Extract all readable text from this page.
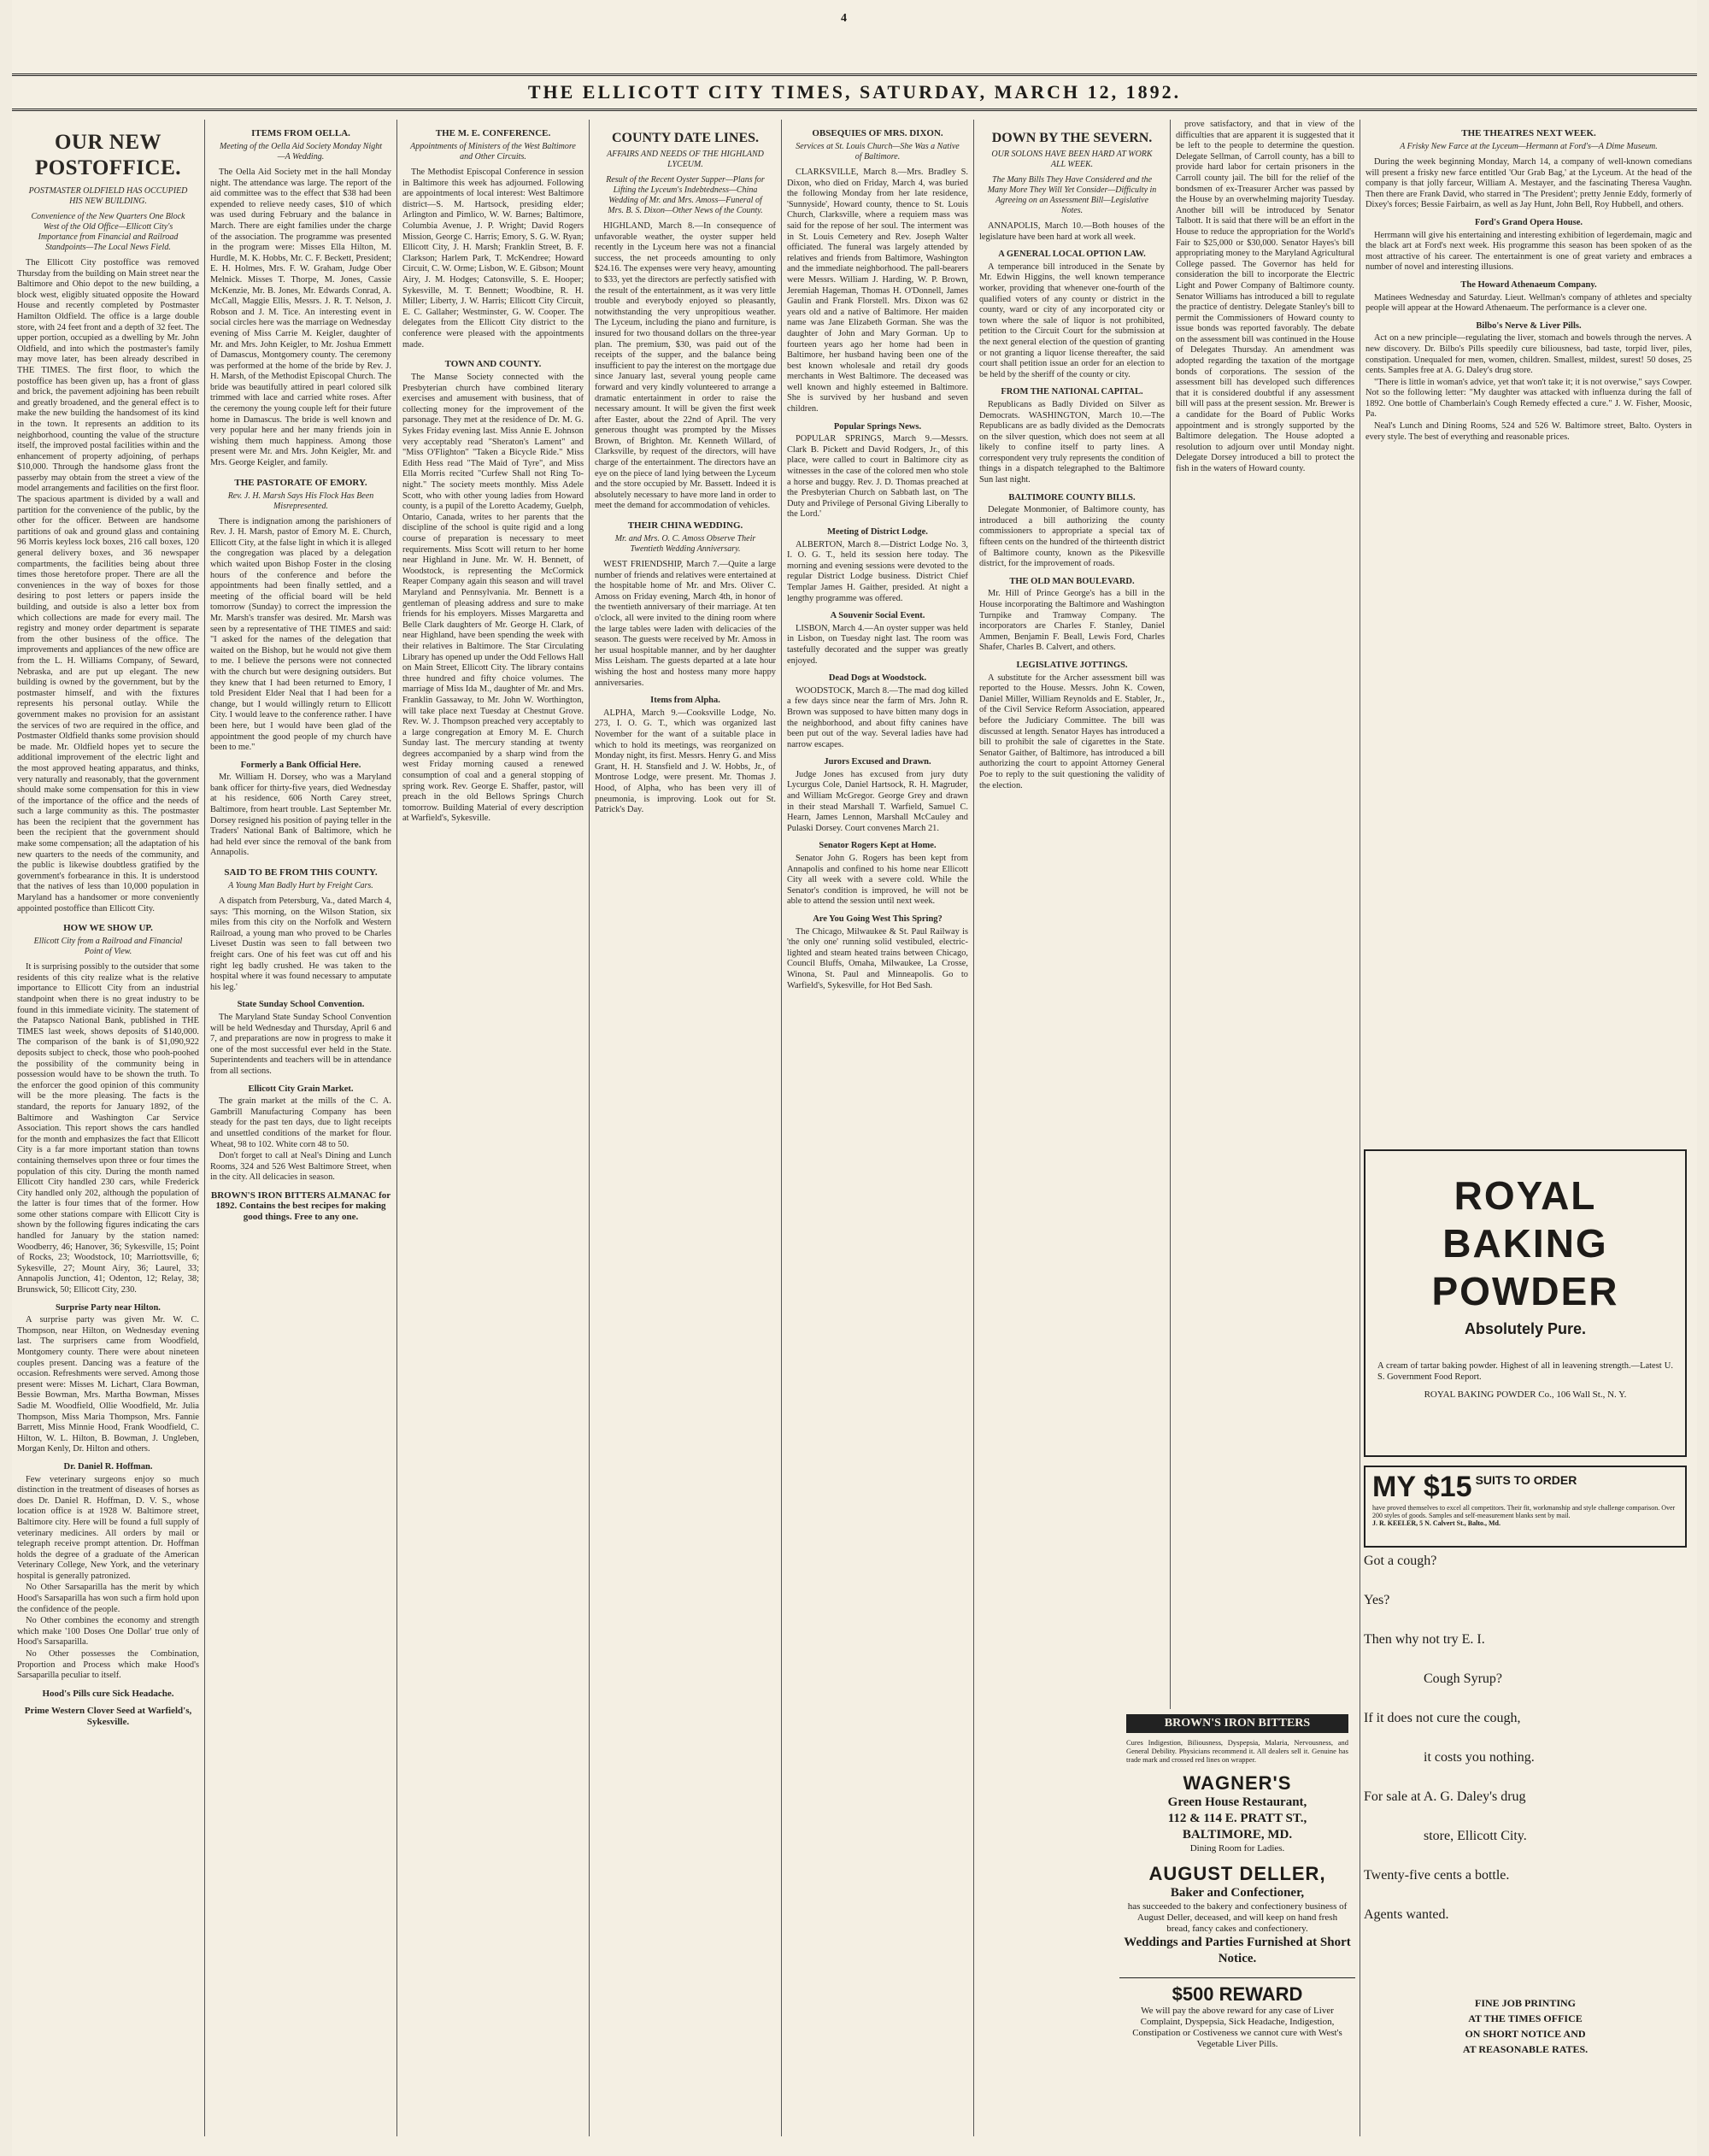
4
THE ELLICOTT CITY TIMES, SATURDAY, MARCH 12, 1892.
OUR NEW POSTOFFICE.
POSTMASTER OLDFIELD HAS OCCUPIED HIS NEW BUILDING.
Convenience of the New Quarters One Block West of the Old Office—Ellicott City's Importance from Financial and Railroad Standpoints—The Local News Field.

The Ellicott City postoffice was removed Thursday from the building on Main street near the Baltimore and Ohio depot to the new building, a block west, eligibly situated opposite the Howard House and recently completed by Postmaster Hamilton Oldfield. The office is a large double store, with 24 feet front and a depth of 32 feet. The upper portion, occupied as a dwelling by Mr. John Oldfield, and into which the postmaster's family may move later, has been already described in THE TIMES. The first floor, to which the postoffice has been given up, has a front of glass and brick, the pavement adjoining has been rebuilt and greatly broadened, and the general effect is to make the new building the handsomest of its kind in the town. It represents an addition to its neighborhood, counting the value of the structure itself, the improved postal facilities within and the enhancement of property adjoining, of perhaps $10,000. Through the handsome glass front the passerby may obtain from the street a view of the model arrangements and facilities on the first floor. The spacious apartment is divided by a wall and partition for the convenience of the public, by the other for the officer. Between are handsome partitions of oak and ground glass and containing 96 Morris keyless lock boxes, 216 call boxes, 120 general delivery boxes, and 36 newspaper compartments, the facilities being about three times those heretofore proper. There are all the conveniences in the way of boxes for those desiring to post letters or papers inside the building, and outside is also a letter box from which collections are made for every mail. The registry and money order department is separate from the other business of the office. The improvements and appliances of the new office are from the L. H. Williams Company, of Seward, Nebraska, and are put up elegant. The new building is owned by the government, but by the postmaster himself, and with the fixtures represents his personal outlay. While the government makes no provision for an assistant the services of two are required in the office, and Postmaster Oldfield thanks some provision should be made. Mr. Oldfield hopes yet to secure the additional improvement of the electric light and the most approved heating apparatus, and thinks, very naturally and reasonably, that the government should make some compensation for this in view of the importance of the office and the needs of such a large community as this. The postmaster has been the recipient that the government has been the recipient that the government should make some compensation; all the adaptation of his new quarters to the needs of the community, and the public is likewise doubtless gratified by the government's forbearance in this. It is understood that the natives of less than 10,000 population in Maryland has a handsomer or more conveniently appointed postoffice than Ellicott City.

HOW WE SHOW UP.
Ellicott City from a Railroad and Financial Point of View.

It is surprising possibly to the outsider that some residents of this city realize what is the relative importance to Ellicott City from an industrial standpoint when there is no great industry to be found in this immediate vicinity. The statement of the Patapsco National Bank, published in THE TIMES last week, shows deposits of $140,000. The comparison of the bank is of $1,090,922 deposits subject to check, those who pooh-poohed the possibility of the community being in possession would have to be shown the truth. To the enforcer the good opinion of this community will be the more pleasing. The facts is the standard, the reports for January 1892, of the Baltimore and Washington Car Service Association. This report shows the cars handled for the month and emphasizes the fact that Ellicott City is a far more important station than towns containing themselves upon three or four times the population of this city. During the month named Ellicott City handled 230 cars, while Frederick City handled only 202, although the population of the latter is four times that of the former. How some other stations compare with Ellicott City is shown by the following figures indicating the cars handled for January by the station named: Woodberry, 46; Hanover, 36; Sykesville, 15; Point of Rocks, 23; Woodstock, 10; Marriottsville, 6; Sykesville, 27; Mount Airy, 36; Laurel, 33; Annapolis Junction, 41; Odenton, 12; Relay, 38; Brunswick, 50; Ellicott City, 230.

Surprise Party near Hilton.

A surprise party was given Mr. W. C. Thompson, near Hilton, on Wednesday evening last. The surprisers came from Woodfield, Montgomery county. There were about nineteen couples present. Dancing was a feature of the occasion. Refreshments were served. Among those present were: Misses M. Lichart, Clara Bowman, Bessie Bowman, Mrs. Martha Bowman, Misses Sadie M. Woodfield, Ollie Woodfield, Mr. Julia Thompson, Miss Maria Thompson, Mrs. Fannie Barrett, Miss Minnie Hood, Frank Woodfield, C. Hilton, W. L. Hilton, B. Bowman, J. Ungleben, Morgan Kenly, Dr. Hilton and others.

Dr. Daniel R. Hoffman.

Few veterinary surgeons enjoy so much distinction in the treatment of diseases of horses as does Dr. Daniel R. Hoffman, D. V. S., whose location office is at 1928 W. Baltimore street, Baltimore city. Here will be found a full supply of veterinary medicines. All orders by mail or telegraph receive prompt attention. Dr. Hoffman holds the degree of a graduate of the American Veterinary College, New York, and the veterinary hospital is generally patronized.

No Other Sarsaparilla has the merit by which Hood's Sarsaparilla has won such a firm hold upon the confidence of the people.

No Other combines the economy and strength which make '100 Doses One Dollar' true only of Hood's Sarsaparilla.

No Other possesses the Combination, Proportion and Process which make Hood's Sarsaparilla peculiar to itself.

Hood's Pills cure Sick Headache.
Prime Western Clover Seed at Warfield's, Sykesville.
ITEMS FROM OELLA.
Meeting of the Oella Aid Society Monday Night—A Wedding.

The Oella Aid Society met in the hall Monday night. The attendance was large. The report of the aid committee was to the effect that $38 had been expended to relieve needy cases, $10 of which was used during February and the balance in March. There are eight families under the charge of the association. The programme was presented in the program were: Misses Ella Hilton, M. Hurdle, M. K. Hobbs, Mr. C. F. Beckett, President; E. H. Holmes, Mrs. F. W. Graham, Judge Ober Melnick. Misses T. Thorpe, M. Jones, Cassie McKenzie, Mr. B. Jones, Mr. Edwards Conrad, A. McCall, Maggie Ellis, Messrs. J. R. T. Nelson, J. Robson and J. M. Tice. An interesting event in social circles here was the marriage on Wednesday evening of Miss Carrie M. Keigler, daughter of Mr. and Mrs. John Keigler, to Mr. Joshua Emmett of Damascus, Montgomery county. The ceremony was performed at the home of the bride by Rev. J. H. Marsh, of the Methodist Episcopal Church. The bride was beautifully attired in pearl colored silk trimmed with lace and carried white roses. After the ceremony the young couple left for their future home in Damascus. The bride is well known and very popular here and her many friends join in wishing them much happiness. Among those present were Mr. and Mrs. John Keigler, Mr. and Mrs. George Keigler, and family.

THE PASTORATE OF EMORY.
Rev. J. H. Marsh Says His Flock Has Been Misrepresented.

There is indignation among the parishioners of Rev. J. H. Marsh, pastor of Emory M. E. Church, Ellicott City, at the false light in which it is alleged the congregation was placed by a delegation which waited upon Bishop Foster in the closing hours of the conference and before the appointments had been finally settled, and a meeting of the official board will be held tomorrow (Sunday) to correct the impression the Mr. Marsh's transfer was desired. Mr. Marsh was seen by a representative of THE TIMES and said: "I asked for the names of the delegation that waited on the Bishop, but he would not give them to me. I believe the persons were not connected with the church but were designing outsiders. But they knew that I had been returned to Emory, I told President Elder Neal that I had been for a change, but I would willingly return to Ellicott City. I would leave to the conference rather. I have been here, but I would have been glad of the appointment the good people of my church have been to me."

Formerly a Bank Official Here.

Mr. William H. Dorsey, who was a Maryland bank officer for thirty-five years, died Wednesday at his residence, 606 North Carey street, Baltimore, from heart trouble. Last September Mr. Dorsey resigned his position of paying teller in the Traders' National Bank of Baltimore, which he had held ever since the removal of the bank from Annapolis.

SAID TO BE FROM THIS COUNTY.
A Young Man Badly Hurt by Freight Cars.

A dispatch from Petersburg, Va., dated March 4, says: 'This morning, on the Wilson Station, six miles from this city on the Norfolk and Western Railroad, a young man who proved to be Charles Liveset Dustin was seen to fall between two freight cars. One of his feet was cut off and his right leg badly crushed. He was taken to the hospital where it was found necessary to amputate his leg.'

State Sunday School Convention.

The Maryland State Sunday School Convention will be held Wednesday and Thursday, April 6 and 7, and preparations are now in progress to make it one of the most successful ever held in the State. Superintendents and teachers will be in attendance from all sections.

Ellicott City Grain Market.

The grain market at the mills of the C. A. Gambrill Manufacturing Company has been steady for the past ten days, due to light receipts and unsettled conditions of the market for flour. Wheat, 98 to 102. White corn 48 to 50.

Don't forget to call at Neal's Dining and Lunch Rooms, 324 and 526 West Baltimore Street, when in the city. All delicacies in season.

BROWN'S IRON BITTERS ALMANAC for 1892. Contains the best recipes for making good things. Free to any one.
THE M. E. CONFERENCE.
Appointments of Ministers of the West Baltimore and Other Circuits.

The Methodist Episcopal Conference in session in Baltimore this week has adjourned. Following are appointments of local interest: West Baltimore district—S. M. Hartsock, presiding elder; Arlington and Pimlico, W. W. Barnes; Baltimore, Columbia Avenue, J. P. Wright; David Rogers Mission, George C. Harris; Emory, S. G. W. Ryan; Ellicott City, J. H. Marsh; Franklin Street, B. F. Clarkson; Harlem Park, T. McKendree; Howard Circuit, C. W. Orme; Lisbon, W. E. Gibson; Mount Airy, J. M. Hodges; Catonsville, S. E. Hooper; Sykesville, M. T. Bennett; Woodbine, R. H. Miller; Liberty, J. W. Harris; Ellicott City Circuit, E. C. Gallaher; Westminster, G. W. Cooper. The delegates from the Ellicott City district to the conference were pleased with the appointments made.

TOWN AND COUNTY.

The Manse Society connected with the Presbyterian church have combined literary exercises and amusement with business, that of collecting money for the improvement of the parsonage. They met at the residence of Dr. M. G. Sykes Friday evening last. Miss Annie E. Johnson very acceptably read "Sheraton's Lament" and "Miss O'Flighton" "Taken a Bicycle Ride." Miss Edith Hess read "The Maid of Tyre", and Miss Ella Morris recited "Curfew Shall not Ring To-night." The society meets monthly. Miss Adele Scott, who with other young ladies from Howard county, is a pupil of the Loretto Academy, Guelph, Ontario, Canada, writes to her parents that the discipline of the school is quite rigid and a long course of preparation is necessary to meet requirements. Miss Scott will return to her home near Highland in June. Mr. W. H. Bennett, of Woodstock, is representing the McCormick Reaper Company again this season and will travel Maryland and Pennsylvania. Mr. Bennett is a gentleman of pleasing address and sure to make friends for his employers. Misses Margaretta and Belle Clark daughters of Mr. George H. Clark, of near Highland, have been spending the week with their relatives in Baltimore. The Star Circulating Library has opened up under the Odd Fellows Hall on Main Street, Ellicott City. The library contains three hundred and fifty choice volumes. The marriage of Miss Ida M., daughter of Mr. and Mrs. Franklin Gassaway, to Mr. John W. Worthington, will take place next Tuesday at Chestnut Grove. Rev. W. J. Thompson preached very acceptably to a large congregation at Emory M. E. Church Sunday last. The mercury standing at twenty degrees accompanied by a sharp wind from the west Friday morning caused a renewed consumption of coal and a general stopping of spring work. Rev. George E. Shaffer, pastor, will preach in the old Bellows Springs Church tomorrow. Building Material of every description at Warfield's, Sykesville.

COUNTY DATE LINES.
AFFAIRS AND NEEDS OF THE HIGHLAND LYCEUM.
Result of the Recent Oyster Supper—Plans for Lifting the Lyceum's Indebtedness—China Wedding of Mr. and Mrs. Amoss—Funeral of Mrs. B. S. Dixon—Other News of the County.

HIGHLAND, March 8.—In consequence of unfavorable weather, the oyster supper held recently in the Lyceum here was not a financial success, the net proceeds amounting to only $24.16. The expenses were very heavy, amounting to $33, yet the directors are perfectly satisfied with the result of the entertainment, as it was very little trouble and everybody enjoyed so pleasantly, notwithstanding the very unpropitious weather. The Lyceum, including the piano and furniture, is insured for two thousand dollars on the three-year plan. The premium, $30, was paid out of the receipts of the supper, and the balance being insufficient to pay the interest on the mortgage due since January last, several young people came forward and very kindly volunteered to arrange a dramatic entertainment in order to raise the necessary amount. It will be given the first week after Easter, about the 22nd of April. The very generous thought was prompted by the Misses Brown, of Brighton. Mr. Kenneth Willard, of Clarksville, by request of the directors, will have charge of the entertainment. The directors have an eye on the piece of land lying between the Lyceum and the store occupied by Mr. Bassett. Indeed it is absolutely necessary to have more land in order to meet the demand for accommodation of vehicles.

THEIR CHINA WEDDING.
Mr. and Mrs. O. C. Amoss Observe Their Twentieth Wedding Anniversary.

WEST FRIENDSHIP, March 7.—Quite a large number of friends and relatives were entertained at the hospitable home of Mr. and Mrs. Oliver C. Amoss on Friday evening, March 4th, in honor of the twentieth anniversary of their marriage. At ten o'clock, all were invited to the dining room where the large tables were laden with delicacies of the season. The guests were received by Mr. Amoss in her usual hospitable manner, and by her daughter Miss Leisham. The guests departed at a late hour wishing the host and hostess many more happy anniversaries.

Items from Alpha.

ALPHA, March 9.—Cooksville Lodge, No. 273, I. O. G. T., which was organized last November for the want of a suitable place in which to hold its meetings, was reorganized on Monday night, its first. Messrs. Henry G. and Miss Grant, H. H. Stansfield and J. W. Hobbs, Jr., of Montrose Lodge, were present. Mr. Thomas J. Hood, of Alpha, who has been very ill of pneumonia, is improving. Look out for St. Patrick's Day.

OBSEQUIES OF MRS. DIXON.
Services at St. Louis Church—She Was a Native of Baltimore.

CLARKSVILLE, March 8.—Mrs. Bradley S. Dixon, who died on Friday, March 4, was buried the following Monday from her late residence, 'Sunnyside', Howard county, thence to St. Louis Church, Clarksville, where a requiem mass was said for the repose of her soul. The interment was in St. Louis Cemetery and Rev. Joseph Walter officiated. The funeral was largely attended by relatives and friends from Baltimore, Washington and the immediate neighborhood. The pall-bearers were Messrs. William J. Harding, W. P. Brown, Jeremiah Hageman, Thomas H. O'Donnell, James Gaulin and Frank Florstell. Mrs. Dixon was 62 years old and a native of Baltimore. Her maiden name was Jane Elizabeth Gorman. She was the daughter of John and Mary Gorman. Up to fourteen years ago her home had been in Baltimore, her husband having been one of the best known wholesale and retail dry goods merchants in West Baltimore. The deceased was well known and highly esteemed in Baltimore. She is survived by her husband and seven children.

Popular Springs News.

POPULAR SPRINGS, March 9.—Messrs. Clark B. Pickett and David Rodgers, Jr., of this place, were called to court in Baltimore city as witnesses in the case of the colored men who stole a horse and buggy. Rev. J. D. Thomas preached at the Presbyterian Church on Sabbath last, on 'The Duty and Privilege of Personal Giving Liberally to the Lord.'

Meeting of District Lodge.

ALBERTON, March 8.—District Lodge No. 3, I. O. G. T., held its session here today. The morning and evening sessions were devoted to the regular District Lodge business. District Chief Templar James H. Gaither, presided. At night a lengthy programme was offered.

A Souvenir Social Event.

LISBON, March 4.—An oyster supper was held in Lisbon, on Tuesday night last. The room was tastefully decorated and the supper was greatly enjoyed.

Dead Dogs at Woodstock.

WOODSTOCK, March 8.—The mad dog killed a few days since near the farm of Mrs. John R. Brown was supposed to have bitten many dogs in the neighborhood, and about fifty canines have been put out of the way. Several ladies have had narrow escapes.

Jurors Excused and Drawn.

Judge Jones has excused from jury duty Lycurgus Cole, Daniel Hartsock, R. H. Magruder, and William McGregor. George Grey and drawn in their stead Marshall T. Warfield, Samuel C. Hearn, James Lennon, Marshall McCauley and Pulaski Dorsey. Court convenes March 21.

Senator Rogers Kept at Home.

Senator John G. Rogers has been kept from Annapolis and confined to his home near Ellicott City all week with a severe cold. While the Senator's condition is improved, he will not be able to attend the session until next week.

Are You Going West This Spring?

The Chicago, Milwaukee & St. Paul Railway is 'the only one' running solid vestibuled, electric-lighted and steam heated trains between Chicago, Council Bluffs, Omaha, Milwaukee, La Crosse, Winona, St. Paul and Minneapolis. Go to Warfield's, Sykesville, for Hot Bed Sash.

DOWN BY THE SEVERN.
OUR SOLONS HAVE BEEN HARD AT WORK ALL WEEK.
The Many Bills They Have Considered and the Many More They Will Yet Consider—Difficulty in Agreeing on an Assessment Bill—Legislative Notes.

ANNAPOLIS, March 10.—Both houses of the legislature have been hard at work all week.

A GENERAL LOCAL OPTION LAW.

A temperance bill introduced in the Senate by Mr. Edwin Higgins, the well known temperance worker, providing that whenever one-fourth of the qualified voters of any county or district in the county, ward or city of any incorporated city or town where the sale of liquor is not prohibited, petition to the Circuit Court for the submission at the next general election of the question of granting or not granting a liquor license thereafter, the said court shall petition issue an order for an election to be held by the sheriff of the county or city.

FROM THE NATIONAL CAPITAL.

Republicans as Badly Divided on Silver as Democrats. WASHINGTON, March 10.—The Republicans are as badly divided as the Democrats on the silver question, which does not seem at all likely to confine itself to party lines. A correspondent very truly represents the condition of things in a dispatch telegraphed to the Baltimore Sun last night.

BALTIMORE COUNTY BILLS.

Delegate Monmonier, of Baltimore county, has introduced a bill authorizing the county commissioners to appropriate a special tax of fifteen cents on the hundred of the thirteenth district of Baltimore county, known as the Pikesville district, for the improvement of roads.

THE OLD MAN BOULEVARD.

Mr. Hill of Prince George's has a bill in the House incorporating the Baltimore and Washington Turnpike and Tramway Company. The incorporators are Charles F. Stanley, Daniel Ammen, Benjamin F. Beall, Lewis Ford, Charles Shafer, Charles B. Calvert, and others.

LEGISLATIVE JOTTINGS.

A substitute for the Archer assessment bill was reported to the House. Messrs. John K. Cowen, Daniel Miller, William Reynolds and E. Stabler, Jr., of the Civil Service Reform Association, appeared before the Judiciary Committee. The bill was discussed at length. Senator Hayes has introduced a bill to prohibit the sale of cigarettes in the State. Senator Gaither, of Baltimore, has introduced a bill authorizing the court to appoint Attorney General Poe to reply to the suit questioning the validity of the election.

prove satisfactory, and that in view of the difficulties that are apparent it is suggested that it be left to the people to determine the question. Delegate Sellman, of Carroll county, has a bill to provide hard labor for certain prisoners in the Carroll county jail. The bill for the relief of the bondsmen of ex-Treasurer Archer was passed by the House by an overwhelming majority Tuesday. Another bill will be introduced by Senator Talbott. It is said that there will be an effort in the House to reduce the appropriation for the World's Fair to $25,000 or $30,000. Senator Hayes's bill appropriating money to the Maryland Agricultural College passed. The Governor has held for consideration the bill to incorporate the Electric Light and Power Company of Baltimore county. Senator Williams has introduced a bill to regulate the practice of dentistry. Delegate Stanley's bill to permit the Commissioners of Howard county to issue bonds was reported favorably. The debate on the assessment bill was continued in the House of Delegates Thursday. An amendment was adopted regarding the taxation of the mortgage bonds of corporations. The session of the assessment bill has developed such differences that it is considered doubtful if any assessment bill will pass at the present session. Mr. Brewer is a candidate for the Board of Public Works appointment and is strongly supported by the Baltimore delegation. The House adopted a resolution to adjourn over until Monday night. Delegate Dorsey introduced a bill to protect the fish in the waters of Howard county.

THE THEATRES NEXT WEEK.
A Frisky New Farce at the Lyceum—Hermann at Ford's—A Dime Museum.

During the week beginning Monday, March 14, a company of well-known comedians will present a frisky new farce entitled 'Our Grab Bag,' at the Lyceum. At the head of the company is that jolly farceur, William A. Mestayer, and the fascinating Theresa Vaughn. Then there are Frank David, who starred in 'The President'; pretty Jennie Eddy, formerly of Dixey's forces; Bessie Fairbairn, as well as Jay Hunt, John Bell, Roy Hubbell, and others.

Ford's Grand Opera House.

Herrmann will give his entertaining and interesting exhibition of legerdemain, magic and the black art at Ford's next week. His programme this season has been spoken of as the most attractive of his career. The entertainment is one of great variety and embraces a number of novel and interesting illusions.

The Howard Athenaeum Company.

Matinees Wednesday and Saturday. Lieut. Wellman's company of athletes and specialty people will appear at the Howard Athenaeum. The performance is a clever one.

Bilbo's Nerve & Liver Pills.

Act on a new principle—regulating the liver, stomach and bowels through the nerves. A new discovery. Dr. Bilbo's Pills speedily cure biliousness, bad taste, torpid liver, piles, constipation. Unequaled for men, women, children. Smallest, mildest, surest! 50 doses, 25 cents. Samples free at A. G. Daley's drug store.

"There is little in woman's advice, yet that won't take it; it is not overwise," says Cowper. Not so the following letter: "My daughter was attacked with influenza during the fall of 1892. One bottle of Chamberlain's Cough Remedy effected a cure." J. W. Fisher, Moosic, Pa.

Neal's Lunch and Dining Rooms, 524 and 526 W. Baltimore street, Balto. Oysters in every style. The best of everything and reasonable prices.

ROYAL
BAKING
POWDER
Absolutely Pure.
A cream of tartar baking powder. Highest of all in leavening strength.—Latest U. S. Government Food Report.
ROYAL BAKING POWDER Co., 106 Wall St., N. Y.
MY $15 SUITS TO ORDER
have proved themselves to excel all competitors. Their fit, workmanship and style challenge comparison. Over 200 styles of goods. Samples and self-measurement blanks sent by mail.
J. R. KEELER, 5 N. Calvert St., Balto., Md.
Got a cough?
Yes?
Then why not try E. I.
Cough Syrup?
If it does not cure the cough,
it costs you nothing.
For sale at A. G. Daley's drug
store, Ellicott City.
Twenty-five cents a bottle.
Agents wanted.
FINE JOB PRINTING
AT THE TIMES OFFICE
ON SHORT NOTICE AND
AT REASONABLE RATES.
BROWN'S IRON BITTERS
Cures Indigestion, Biliousness, Dyspepsia, Malaria, Nervousness, and General Debility. Physicians recommend it. All dealers sell it. Genuine has trade mark and crossed red lines on wrapper.
WAGNER'S
Green House Restaurant,
112 & 114 E. PRATT ST.,
BALTIMORE, MD.
Dining Room for Ladies.
AUGUST DELLER,
Baker and Confectioner,
has succeeded to the bakery and confectionery business of August Deller, deceased, and will keep on hand fresh bread, fancy cakes and confectionery.
Weddings and Parties Furnished at Short Notice.
$500 REWARD
We will pay the above reward for any case of Liver Complaint, Dyspepsia, Sick Headache, Indigestion, Constipation or Costiveness we cannot cure with West's Vegetable Liver Pills.
